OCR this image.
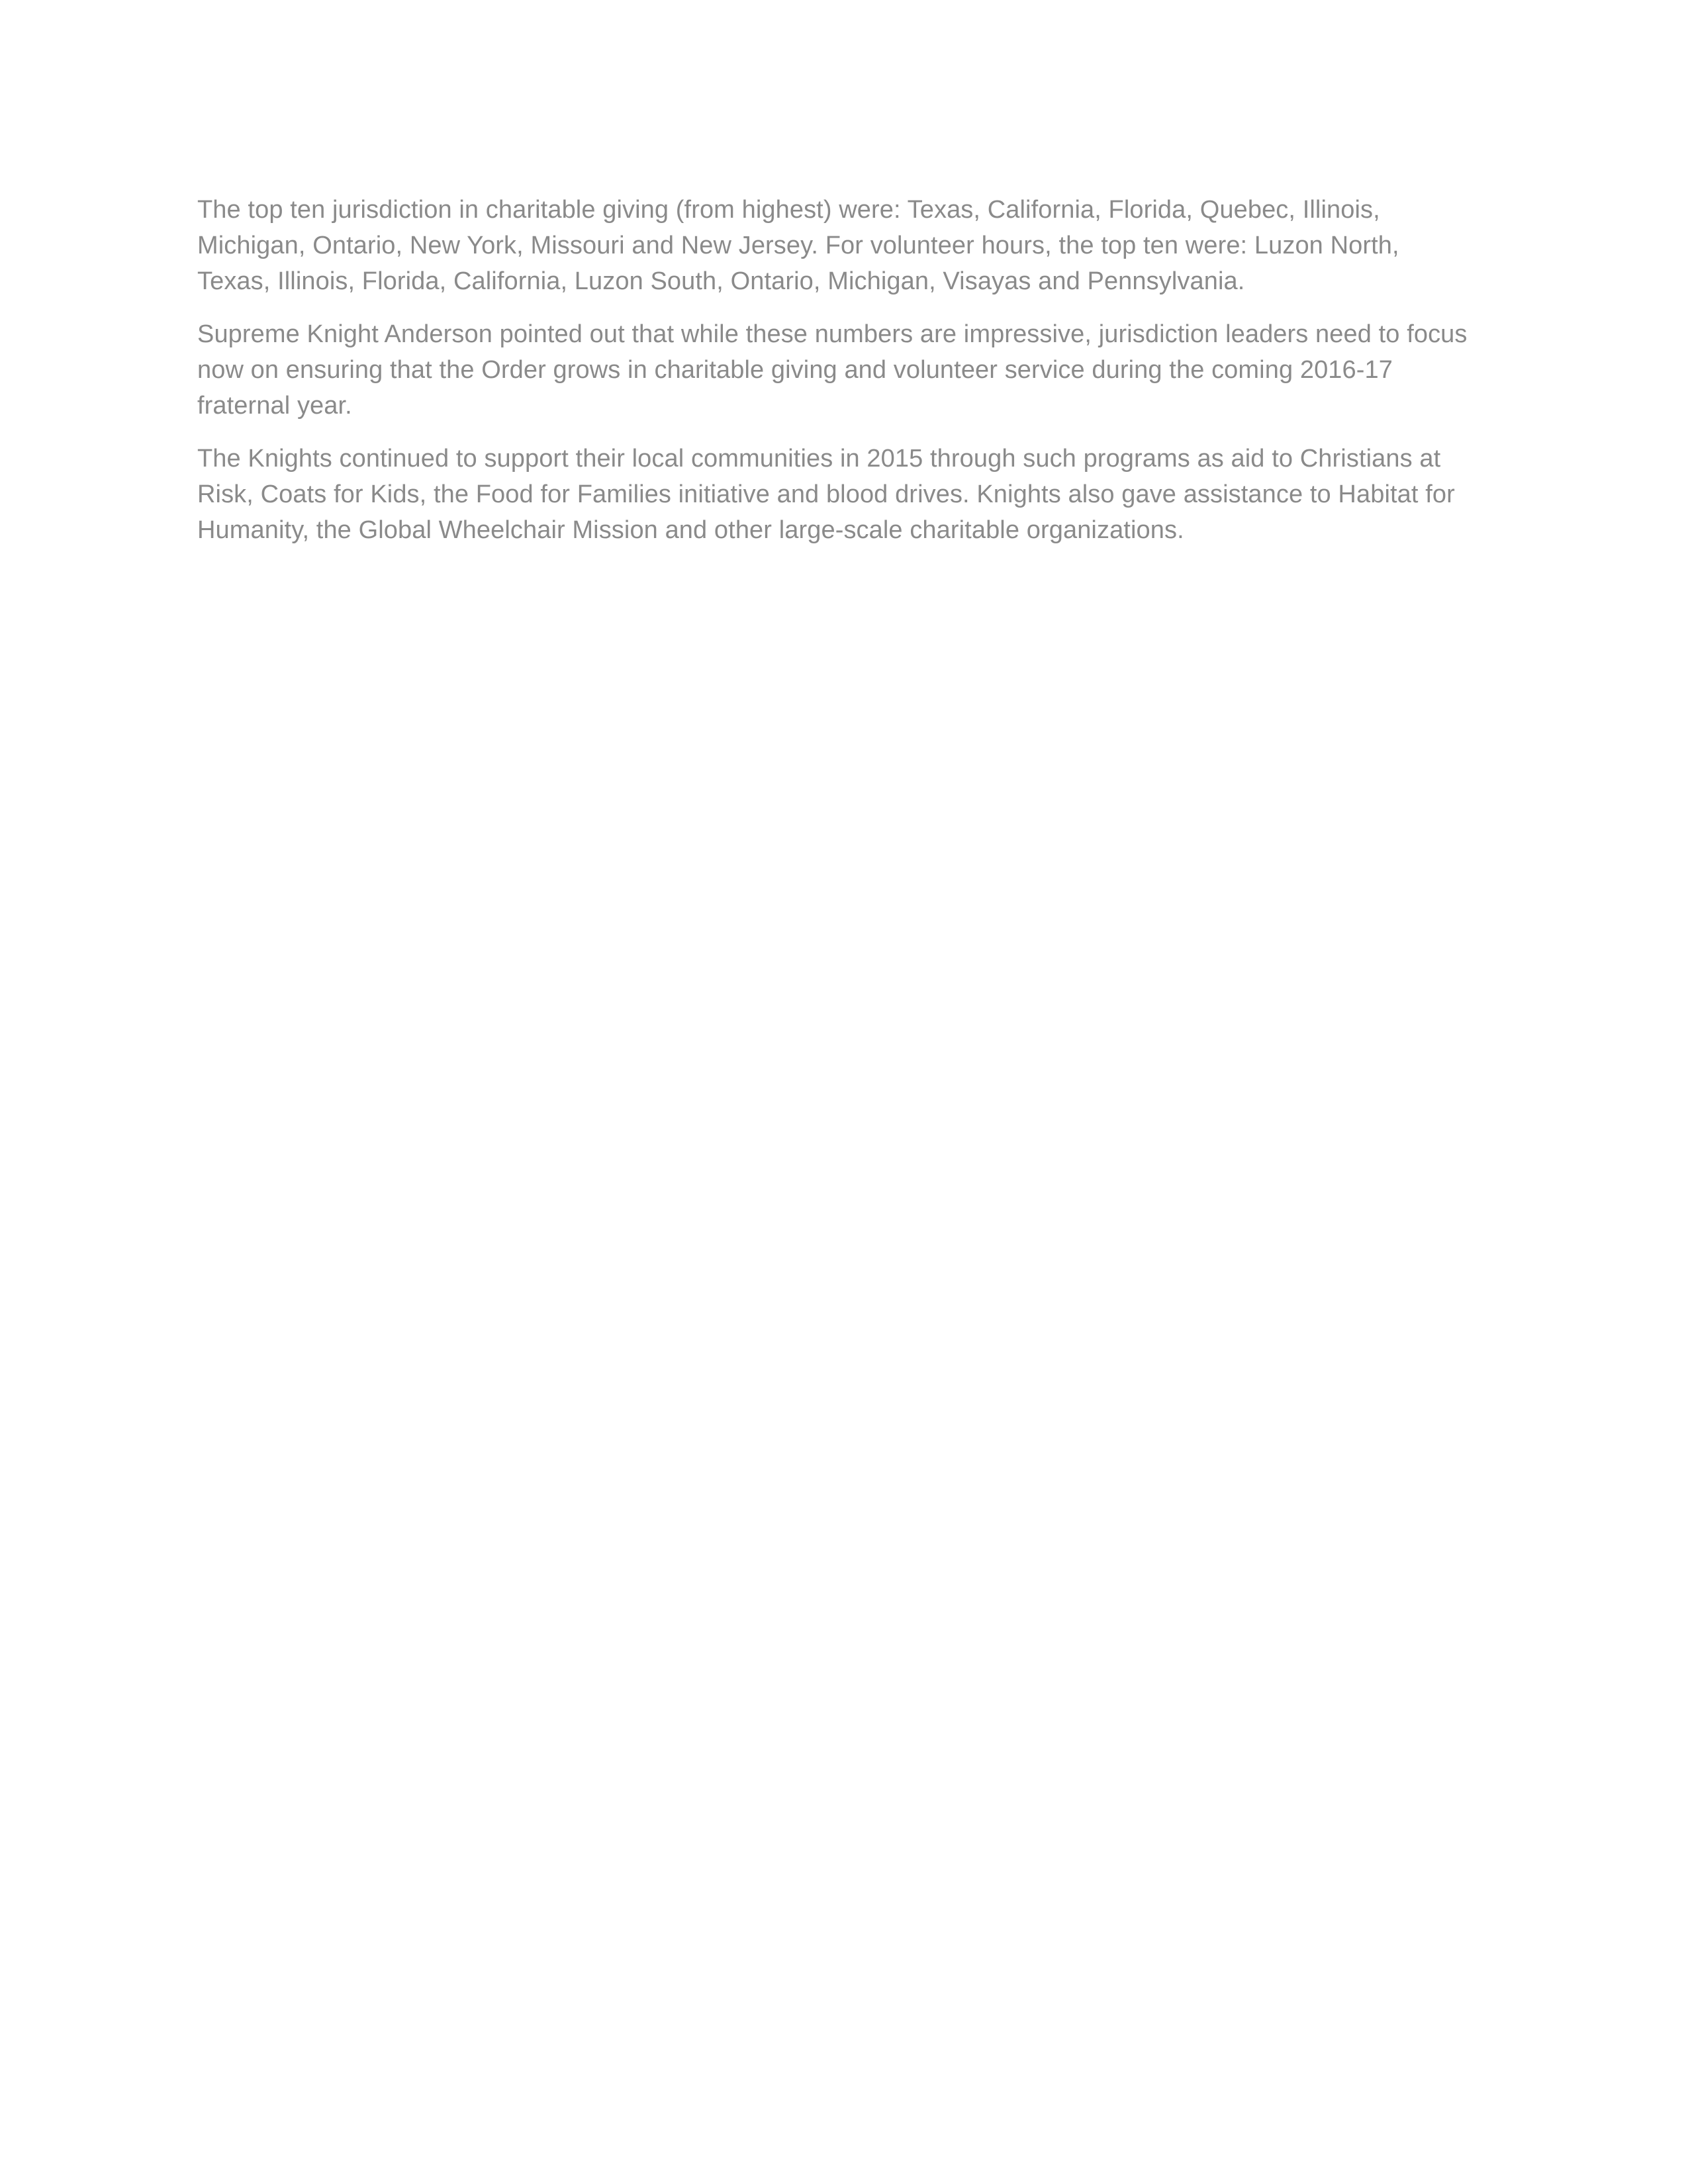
The top ten jurisdiction in charitable giving (from highest) were: Texas, California, Florida, Quebec, Illinois, Michigan, Ontario, New York, Missouri and New Jersey. For volunteer hours, the top ten were: Luzon North, Texas, Illinois, Florida, California, Luzon South, Ontario, Michigan, Visayas and Pennsylvania.

Supreme Knight Anderson pointed out that while these numbers are impressive, jurisdiction leaders need to focus now on ensuring that the Order grows in charitable giving and volunteer service during the coming 2016-17 fraternal year.

The Knights continued to support their local communities in 2015 through such programs as aid to Christians at Risk, Coats for Kids, the Food for Families initiative and blood drives. Knights also gave assistance to Habitat for Humanity, the Global Wheelchair Mission and other large-scale charitable organizations.
